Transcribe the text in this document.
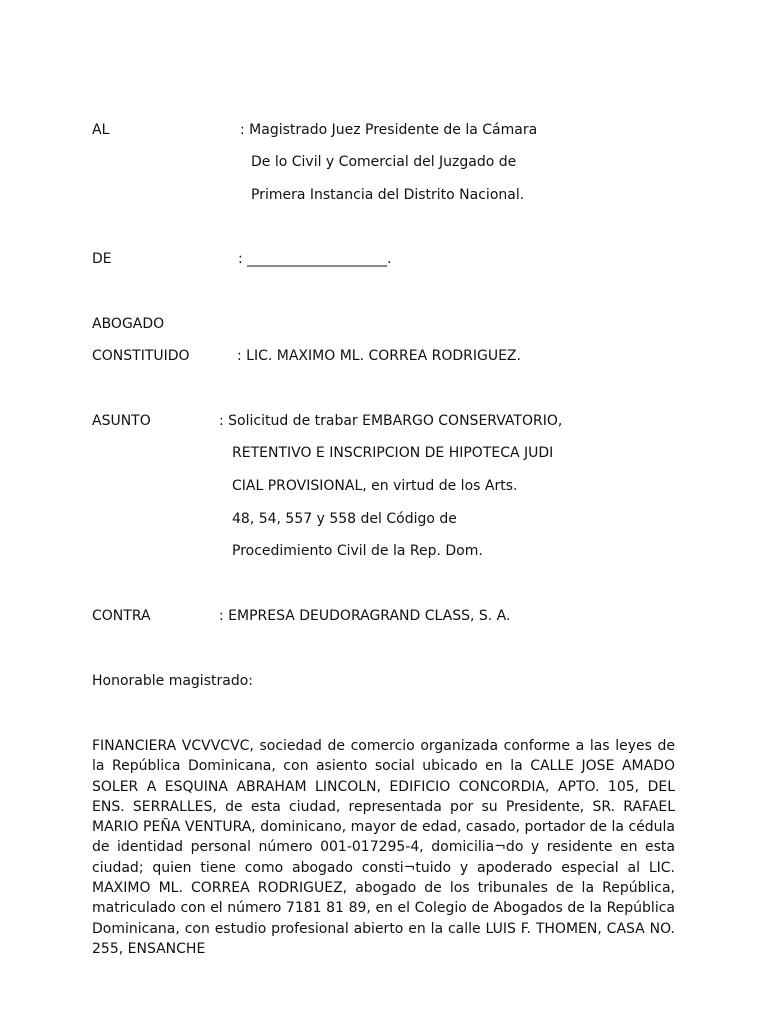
AL	: Magistrado Juez Presidente de la Cámara
De lo Civil y Comercial del Juzgado de
Primera Instancia del Distrito Nacional.
DE	: ____________________.
ABOGADO
CONSTITUIDO	: LIC. MAXIMO ML. CORREA RODRIGUEZ.
ASUNTO	: Solicitud de trabar EMBARGO CONSERVATORIO,
RETENTIVO E INSCRIPCION DE HIPOTECA JUDI
CIAL PROVISIONAL, en virtud de los Arts.
48, 54, 557 y 558 del Código de
Procedimiento Civil de la Rep. Dom.
CONTRA	: EMPRESA DEUDORAGRAND CLASS, S. A.
Honorable magistrado:
FINANCIERA VCVVCVC, sociedad de comercio organizada conforme a las leyes de la República Dominicana, con asiento social ubicado en la CALLE JOSE AMADO SOLER A ESQUINA ABRAHAM LINCOLN, EDIFICIO CONCORDIA, APTO. 105, DEL ENS. SERRALLES, de esta ciudad, representada por su Presidente, SR. RAFAEL MARIO PEÑA VENTURA, dominicano, mayor de edad, casado, portador de la cédula de identidad personal número 001-017295-4, domicilia¬do y residente en esta ciudad; quien tiene como abogado consti¬tuido y apoderado especial al LIC. MAXIMO ML. CORREA RODRIGUEZ, abogado de los tribunales de la República, matriculado con el número 7181 81 89, en el Colegio de Abogados de la República Dominicana, con estudio profesional abierto en la calle LUIS F. THOMEN, CASA NO. 255, ENSANCHE
